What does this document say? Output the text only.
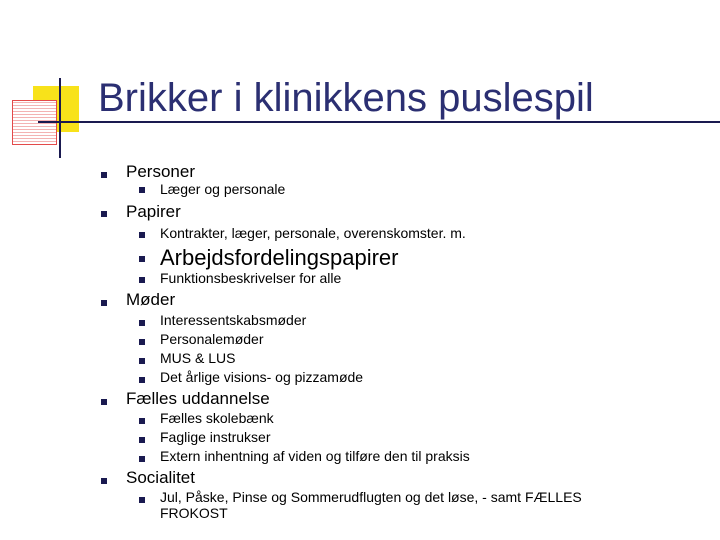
Brikker i klinikkens puslespil
Personer
Læger og personale
Papirer
Kontrakter, læger, personale, overenskomster. m.
Arbejdsfordelingspapirer
Funktionsbeskrivelser for alle
Møder
Interessentskabsmøder
Personalemøder
MUS & LUS
Det årlige visions- og pizzamøde
Fælles uddannelse
Fælles skolebænk
Faglige instrukser
Extern inhentning af viden og tilføre den til praksis
Socialitet
Jul, Påske, Pinse og Sommerudflugten og det løse, - samt FÆLLES FROKOST
